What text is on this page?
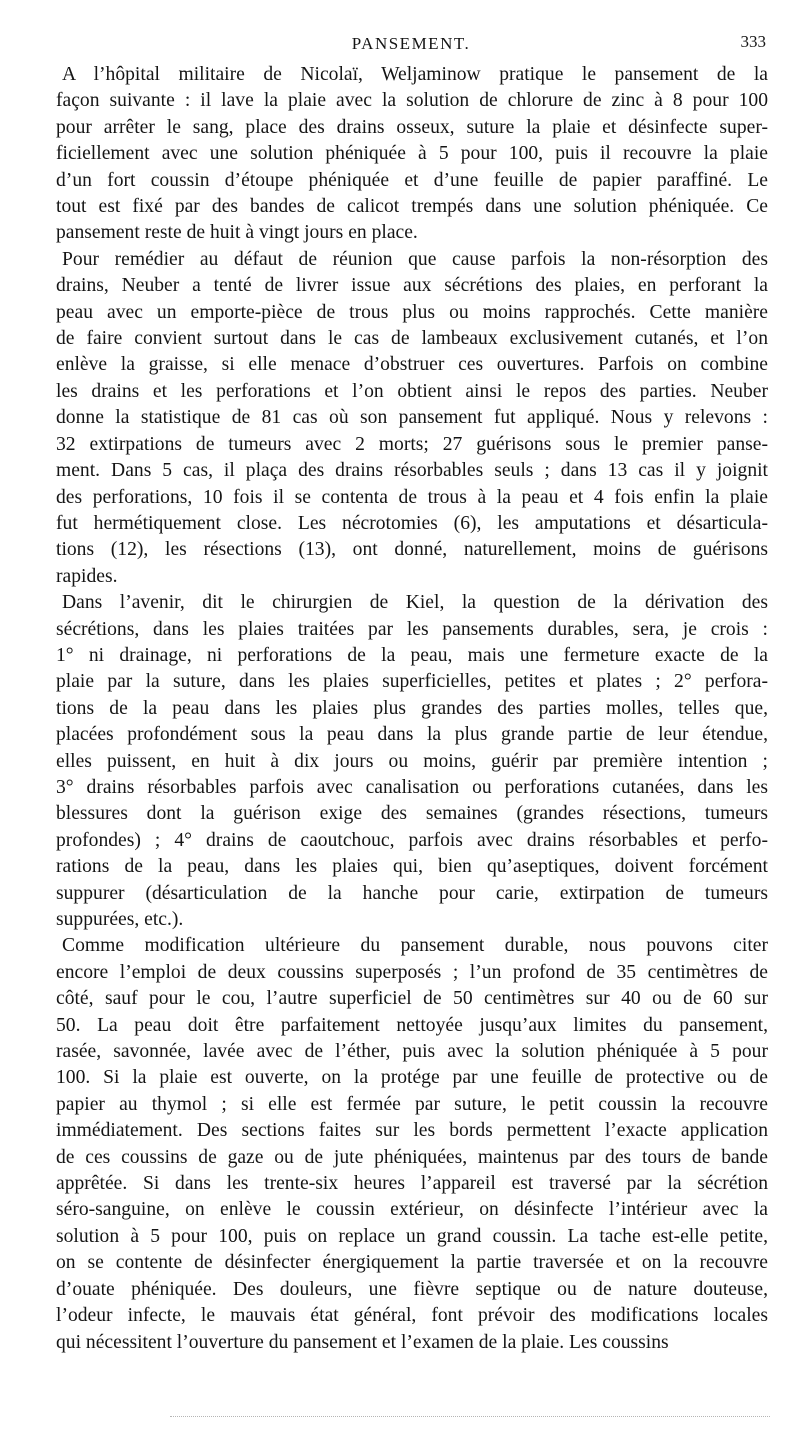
PANSEMENT.	333
A l’hôpital militaire de Nicolaï, Weljaminow pratique le pansement de la
façon suivante : il lave la plaie avec la solution de chlorure de zinc à 8 pour 100
pour arrêter le sang, place des drains osseux, suture la plaie et désinfecte super-
ficiellement avec une solution phéniquée à 5 pour 100, puis il recouvre la plaie
d’un fort coussin d’étoupe phéniquée et d’une feuille de papier paraffiné. Le
tout est fixé par des bandes de calicot trempés dans une solution phéniquée. Ce
pansement reste de huit à vingt jours en place.
Pour remédier au défaut de réunion que cause parfois la non-résorption des
drains, Neuber a tenté de livrer issue aux sécrétions des plaies, en perforant la
peau avec un emporte-pièce de trous plus ou moins rapprochés. Cette manière
de faire convient surtout dans le cas de lambeaux exclusivement cutanés, et l’on
enlève la graisse, si elle menace d’obstruer ces ouvertures. Parfois on combine
les drains et les perforations et l’on obtient ainsi le repos des parties. Neuber
donne la statistique de 81 cas où son pansement fut appliqué. Nous y relevons :
32 extirpations de tumeurs avec 2 morts; 27 guérisons sous le premier panse-
ment. Dans 5 cas, il plaça des drains résorbables seuls ; dans 13 cas il y joignit
des perforations, 10 fois il se contenta de trous à la peau et 4 fois enfin la plaie
fut hermétiquement close. Les nécrotomies (6), les amputations et désarticula-
tions (12), les résections (13), ont donné, naturellement, moins de guérisons
rapides.
Dans l’avenir, dit le chirurgien de Kiel, la question de la dérivation des
sécrétions, dans les plaies traitées par les pansements durables, sera, je crois :
1° ni drainage, ni perforations de la peau, mais une fermeture exacte de la
plaie par la suture, dans les plaies superficielles, petites et plates ; 2° perfora-
tions de la peau dans les plaies plus grandes des parties molles, telles que,
placées profondément sous la peau dans la plus grande partie de leur étendue,
elles puissent, en huit à dix jours ou moins, guérir par première intention ;
3° drains résorbables parfois avec canalisation ou perforations cutanées, dans les
blessures dont la guérison exige des semaines (grandes résections, tumeurs
profondes) ; 4° drains de caoutchouc, parfois avec drains résorbables et perfo-
rations de la peau, dans les plaies qui, bien qu’aseptiques, doivent forcément
suppurer (désarticulation de la hanche pour carie, extirpation de tumeurs
suppurées, etc.).
Comme modification ultérieure du pansement durable, nous pouvons citer
encore l’emploi de deux coussins superposés ; l’un profond de 35 centimètres de
côté, sauf pour le cou, l’autre superficiel de 50 centimètres sur 40 ou de 60 sur
50. La peau doit être parfaitement nettoyée jusqu’aux limites du pansement,
rasée, savonnée, lavée avec de l’éther, puis avec la solution phéniquée à 5 pour
100. Si la plaie est ouverte, on la protége par une feuille de protective ou de
papier au thymol ; si elle est fermée par suture, le petit coussin la recouvre
immédiatement. Des sections faites sur les bords permettent l’exacte application
de ces coussins de gaze ou de jute phéniquées, maintenus par des tours de bande
apprêtée. Si dans les trente-six heures l’appareil est traversé par la sécrétion
séro-sanguine, on enlève le coussin extérieur, on désinfecte l’intérieur avec la
solution à 5 pour 100, puis on replace un grand coussin. La tache est-elle petite,
on se contente de désinfecter énergiquement la partie traversée et on la recouvre
d’ouate phéniquée. Des douleurs, une fièvre septique ou de nature douteuse,
l’odeur infecte, le mauvais état général, font prévoir des modifications locales
qui nécessitent l’ouverture du pansement et l’examen de la plaie. Les coussins
